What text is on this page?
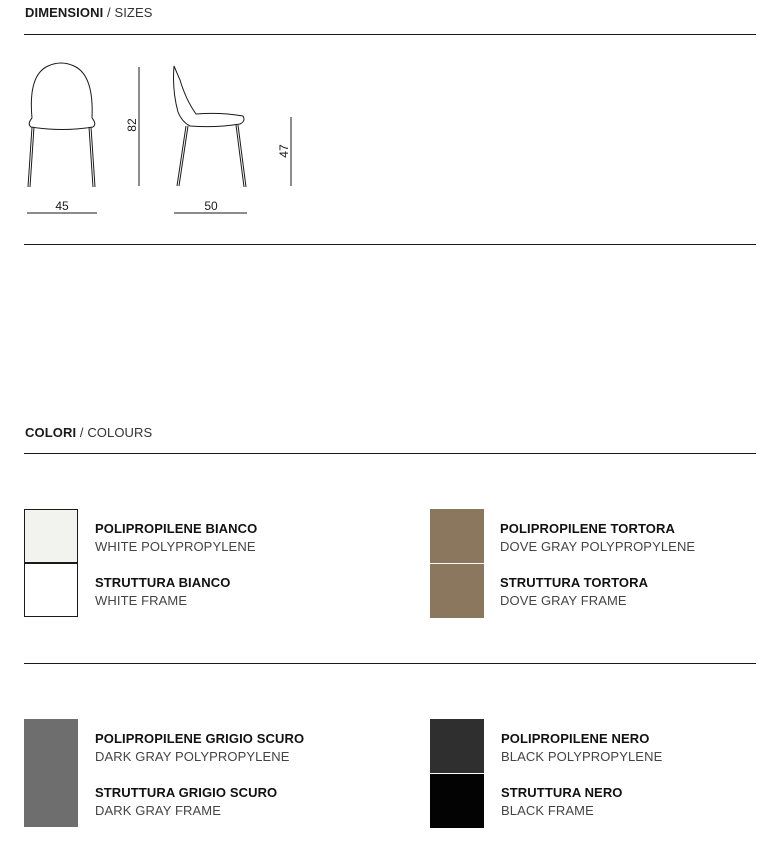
DIMENSIONI / SIZES
45
82
50
47
COLORI / COLOURS
POLIPROPILENE BIANCO
WHITE POLYPROPYLENE
STRUTTURA BIANCO
WHITE FRAME
POLIPROPILENE TORTORA
DOVE GRAY POLYPROPYLENE
STRUTTURA TORTORA
DOVE GRAY FRAME
POLIPROPILENE GRIGIO SCURO
DARK GRAY POLYPROPYLENE
STRUTTURA GRIGIO SCURO
DARK GRAY FRAME
POLIPROPILENE NERO
BLACK POLYPROPYLENE
STRUTTURA NERO
BLACK FRAME
